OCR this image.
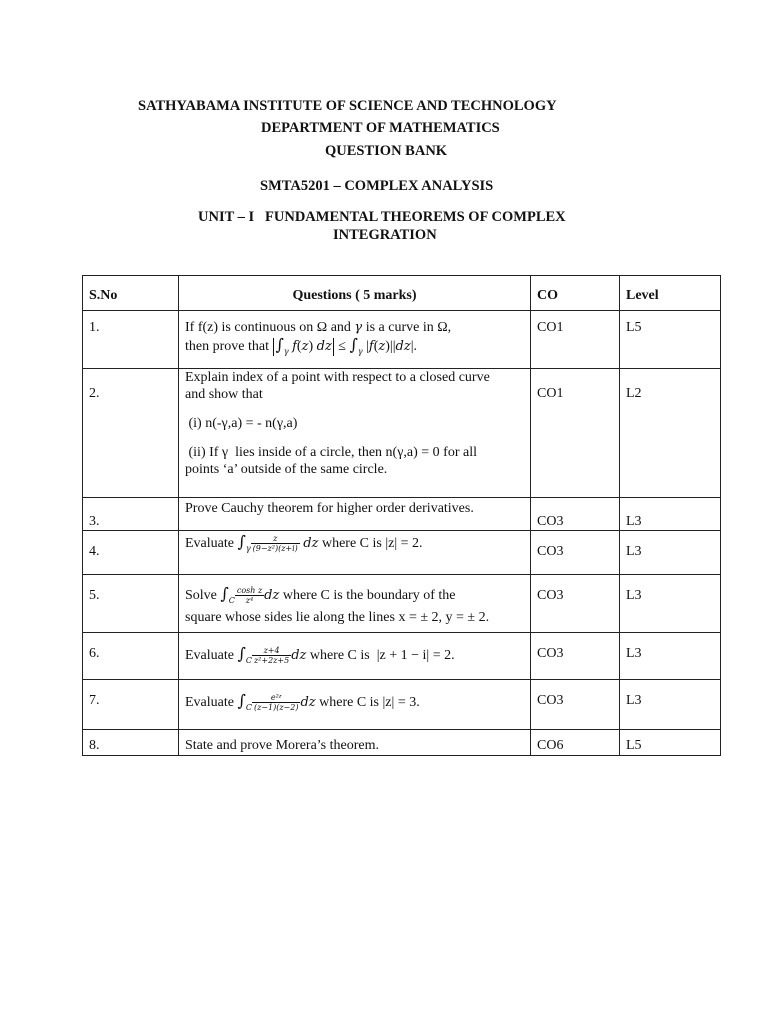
SATHYABAMA INSTITUTE OF SCIENCE AND TECHNOLOGY
DEPARTMENT OF MATHEMATICS
QUESTION BANK
SMTA5201 – COMPLEX ANALYSIS
UNIT – I   FUNDAMENTAL THEOREMS OF COMPLEX
INTEGRATION
S.No	Questions ( 5 marks)	CO	Level
1.	If f(z) is continuous on Ω and γ is a curve in Ω,
then prove that $\int_\gamma$ f(z) dz ≤ $\int_\gamma$ |f(z)||dz|.	CO1	L5
2.	Explain index of a point with respect to a closed curve
and show that
(i) n(-γ,a) = - n(γ,a)
(ii) If γ  lies inside of a circle, then n(γ,a) = 0 for all
points ‘a’ outside of the same circle.	CO1	L2
3.	Prove Cauchy theorem for higher order derivatives.	CO3	L3
4.	Evaluate $\int_\gamma \frac{z}{\text{(9−z²)(z+i)}}$ dz where C is |z| = 2.	CO3	L3
5.	Solve $\int_C \frac{\text{cosh z}}{\text{z⁴}}$ dz where C is the boundary of the
square whose sides lie along the lines x = ± 2, y = ± 2.	CO3	L3
6.	Evaluate $\int_C \frac{z+4}{\text{z²+2z+5}}$ dz where C is  |z + 1 − i| = 2.	CO3	L3
7.	Evaluate $\int_C \frac{\text{e²ᶻ}}{(z-1)(z-2)}$ dz where C is |z| = 3.	CO3	L3
8.	State and prove Morera’s theorem.	CO6	L5
